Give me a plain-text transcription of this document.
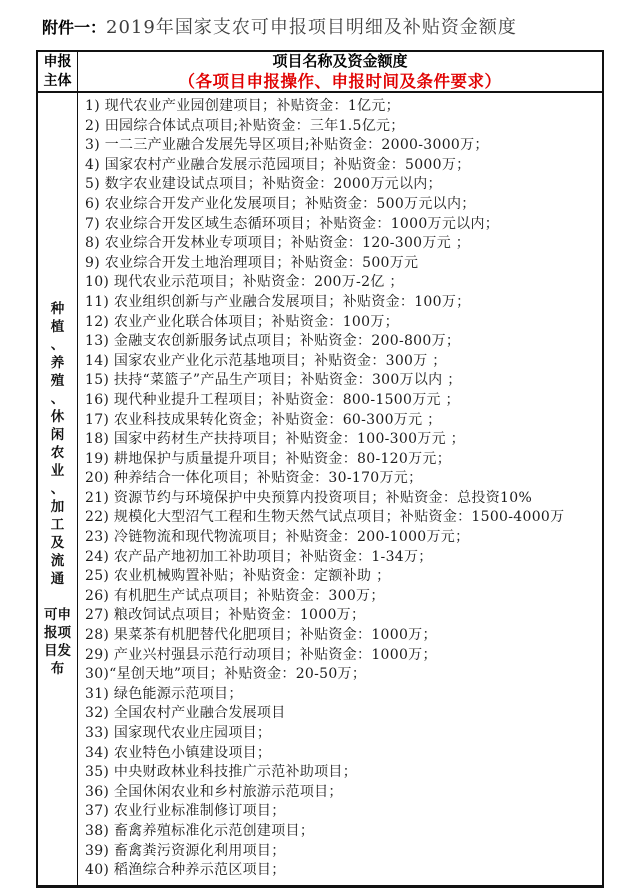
附件一：2019年国家支农可申报项目明细及补贴资金额度
申报主体
项目名称及资金额度
（各项目申报操作、申报时间及条件要求）
种植、养殖、休闲农业、加工及流通
可申报项目发布
1) 现代农业产业园创建项目；补贴资金：1亿元；
2) 田园综合体试点项目;补贴资金：三年1.5亿元；
3) 一二三产业融合发展先导区项目;补贴资金：2000-3000万；
4) 国家农村产业融合发展示范园项目；补贴资金：5000万；
5) 数字农业建设试点项目；补贴资金：2000万元以内；
6) 农业综合开发产业化发展项目；补贴资金：500万元以内；
7) 农业综合开发区域生态循环项目；补贴资金：1000万元以内；
8) 农业综合开发林业专项项目；补贴资金：120-300万元 ；
9) 农业综合开发土地治理项目；补贴资金：500万元
10) 现代农业示范项目；补贴资金：200万-2亿 ；
11) 农业组织创新与产业融合发展项目；补贴资金：100万；
12) 农业产业化联合体项目；补贴资金：100万；
13) 金融支农创新服务试点项目；补贴资金：200-800万；
14) 国家农业产业化示范基地项目；补贴资金：300万 ；
15) 扶持“菜篮子”产品生产项目；补贴资金：300万以内 ；
16) 现代种业提升工程项目；补贴资金：800-1500万元 ；
17) 农业科技成果转化资金；补贴资金：60-300万元 ；
18) 国家中药材生产扶持项目；补贴资金：100-300万元 ；
19) 耕地保护与质量提升项目；补贴资金：80-120万元；
20) 种养结合一体化项目；补贴资金：30-170万元；
21) 资源节约与环境保护中央预算内投资项目；补贴资金：总投资10%
22) 规模化大型沼气工程和生物天然气试点项目；补贴资金：1500-4000万
23) 冷链物流和现代物流项目；补贴资金：200-1000万元；
24) 农产品产地初加工补助项目；补贴资金：1-34万；
25) 农业机械购置补贴；补贴资金：定额补助 ；
26) 有机肥生产试点项目；补贴资金：300万；
27) 粮改饲试点项目；补贴资金：1000万；
28) 果菜茶有机肥替代化肥项目；补贴资金：1000万；
29) 产业兴村强县示范行动项目；补贴资金：1000万；
30)“星创天地”项目；补贴资金：20-50万；
31) 绿色能源示范项目；
32) 全国农村产业融合发展项目
33) 国家现代农业庄园项目；
34) 农业特色小镇建设项目；
35) 中央财政林业科技推广示范补助项目；
36) 全国休闲农业和乡村旅游示范项目；
37) 农业行业标准制修订项目；
38) 畜禽养殖标准化示范创建项目；
39) 畜禽粪污资源化利用项目；
40) 稻渔综合种养示范区项目；
